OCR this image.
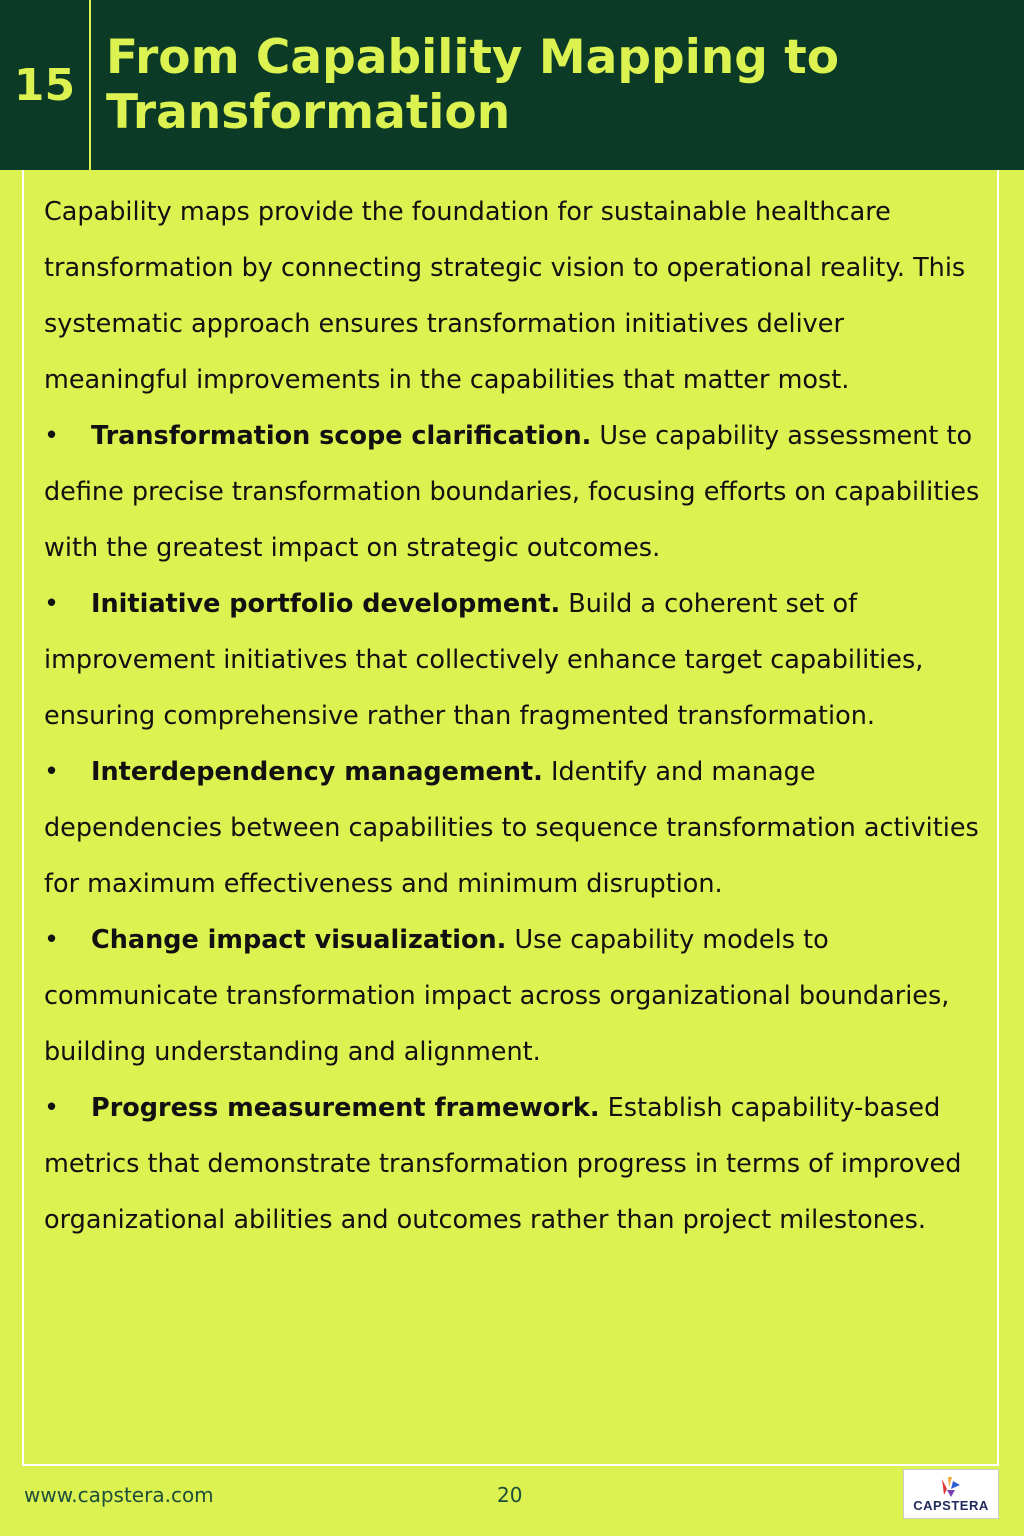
15 From Capability Mapping to Transformation

Capability maps provide the foundation for sustainable healthcare transformation by connecting strategic vision to operational reality. This systematic approach ensures transformation initiatives deliver meaningful improvements in the capabilities that matter most.

• Transformation scope clarification. Use capability assessment to define precise transformation boundaries, focusing efforts on capabilities with the greatest impact on strategic outcomes.
• Initiative portfolio development. Build a coherent set of improvement initiatives that collectively enhance target capabilities, ensuring comprehensive rather than fragmented transformation.
• Interdependency management. Identify and manage dependencies between capabilities to sequence transformation activities for maximum effectiveness and minimum disruption.
• Change impact visualization. Use capability models to communicate transformation impact across organizational boundaries, building understanding and alignment.
• Progress measurement framework. Establish capability-based metrics that demonstrate transformation progress in terms of improved organizational abilities and outcomes rather than project milestones.
www.capstera.com	20	CAPSTERA
